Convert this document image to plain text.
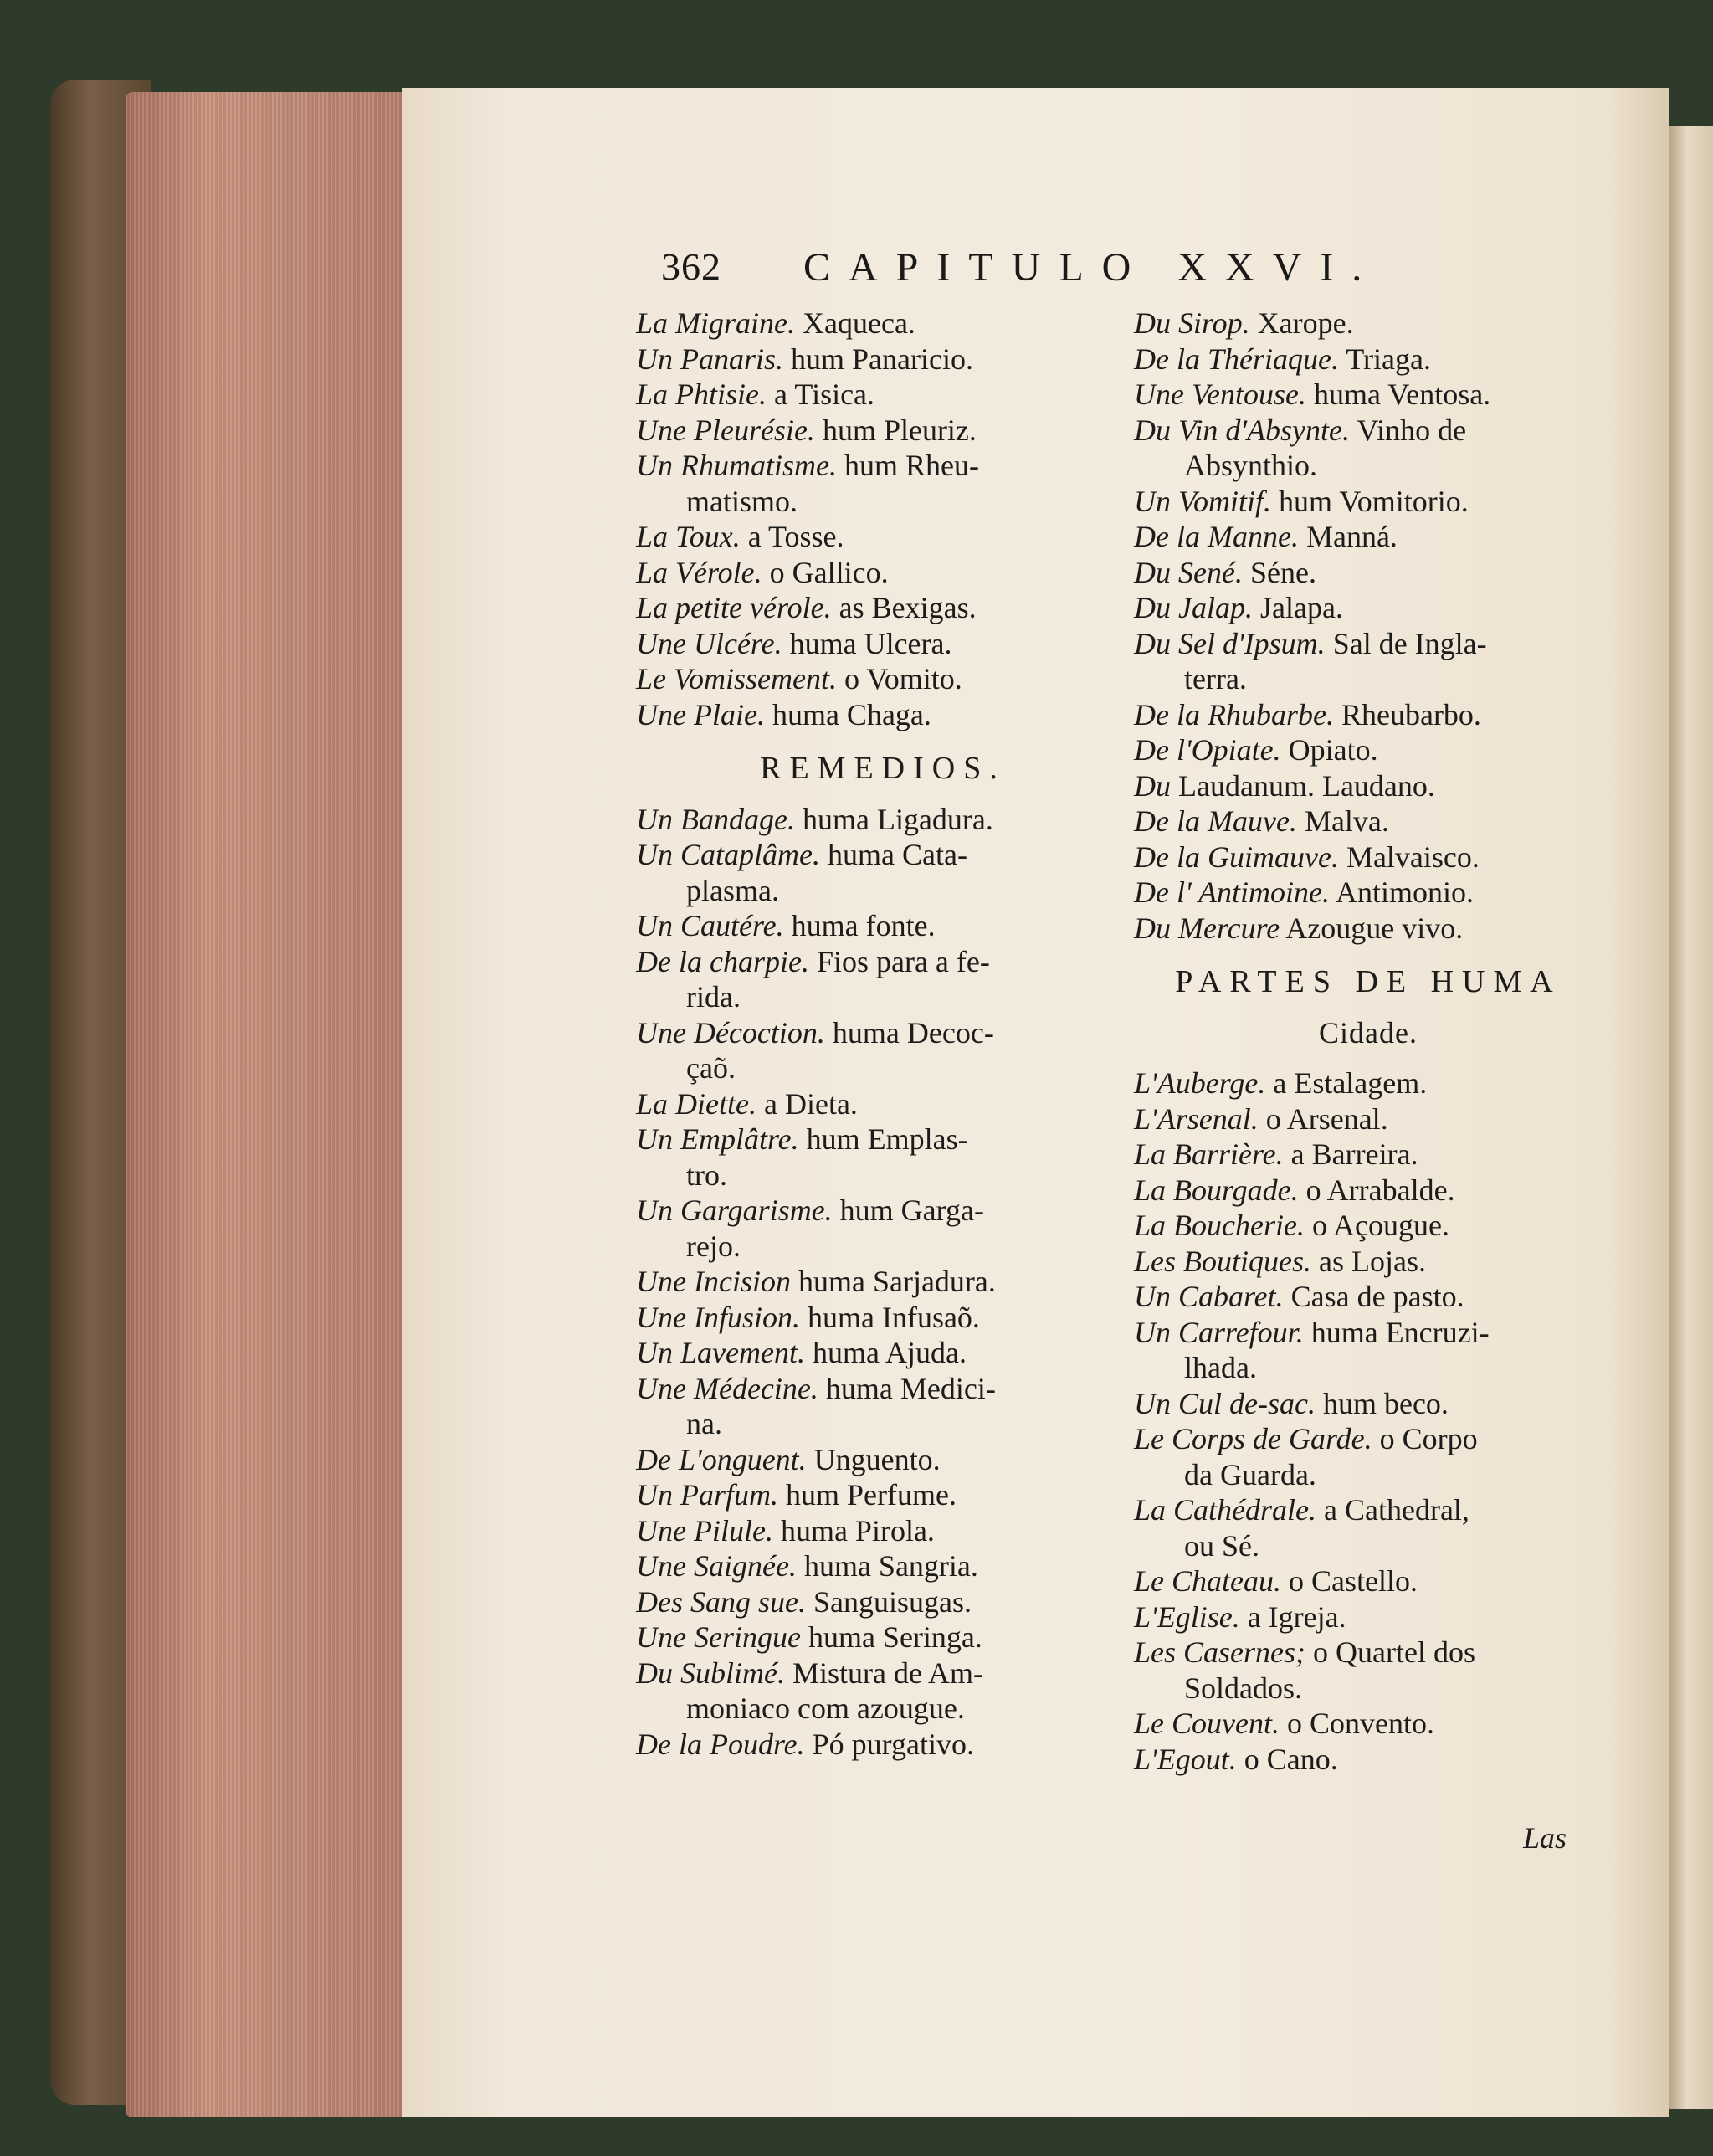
362 CAPITULO XXVI.
La Migraine. Xaqueca.
Un Panaris. hum Panaricio.
La Phtisie. a Tisica.
Une Pleurésie. hum Pleuriz.
Un Rhumatisme. hum Rheu-
matismo.
La Toux. a Tosse.
La Vérole. o Gallico.
La petite vérole. as Bexigas.
Une Ulcére. huma Ulcera.
Le Vomissement. o Vomito.
Une Plaie. huma Chaga.
REMEDIOS.
Un Bandage. huma Ligadura.
Un Cataplâme. huma Cata-
plasma.
Un Cautére. huma fonte.
De la charpie. Fios para a fe-
rida.
Une Décoction. huma Decoc-
çaõ.
La Diette. a Dieta.
Un Emplâtre. hum Emplas-
tro.
Un Gargarisme. hum Garga-
rejo.
Une Incision huma Sarjadura.
Une Infusion. huma Infusaõ.
Un Lavement. huma Ajuda.
Une Médecine. huma Medici-
na.
De L'onguent. Unguento.
Un Parfum. hum Perfume.
Une Pilule. huma Pirola.
Une Saignée. huma Sangria.
Des Sang sue. Sanguisugas.
Une Seringue huma Seringa.
Du Sublimé. Mistura de Am-
moniaco com azougue.
De la Poudre. Pó purgativo.
Du Sirop. Xarope.
De la Thériaque. Triaga.
Une Ventouse. huma Ventosa.
Du Vin d'Absynte. Vinho de
Absynthio.
Un Vomitif. hum Vomitorio.
De la Manne. Manná.
Du Sené. Séne.
Du Jalap. Jalapa.
Du Sel d'Ipsum. Sal de Ingla-
terra.
De la Rhubarbe. Rheubarbo.
De l'Opiate. Opiato.
Du Laudanum. Laudano.
De la Mauve. Malva.
De la Guimauve. Malvaisco.
De l' Antimoine. Antimonio.
Du Mercure Azougue vivo.
PARTES DE HUMA
Cidade.
L'Auberge. a Estalagem.
L'Arsenal. o Arsenal.
La Barrière. a Barreira.
La Bourgade. o Arrabalde.
La Boucherie. o Açougue.
Les Boutiques. as Lojas.
Un Cabaret. Casa de pasto.
Un Carrefour. huma Encruzi-
lhada.
Un Cul de-sac. hum beco.
Le Corps de Garde. o Corpo
da Guarda.
La Cathédrale. a Cathedral,
ou Sé.
Le Chateau. o Castello.
L'Eglise. a Igreja.
Les Casernes; o Quartel dos
Soldados.
Le Couvent. o Convento.
L'Egout. o Cano.
Las
